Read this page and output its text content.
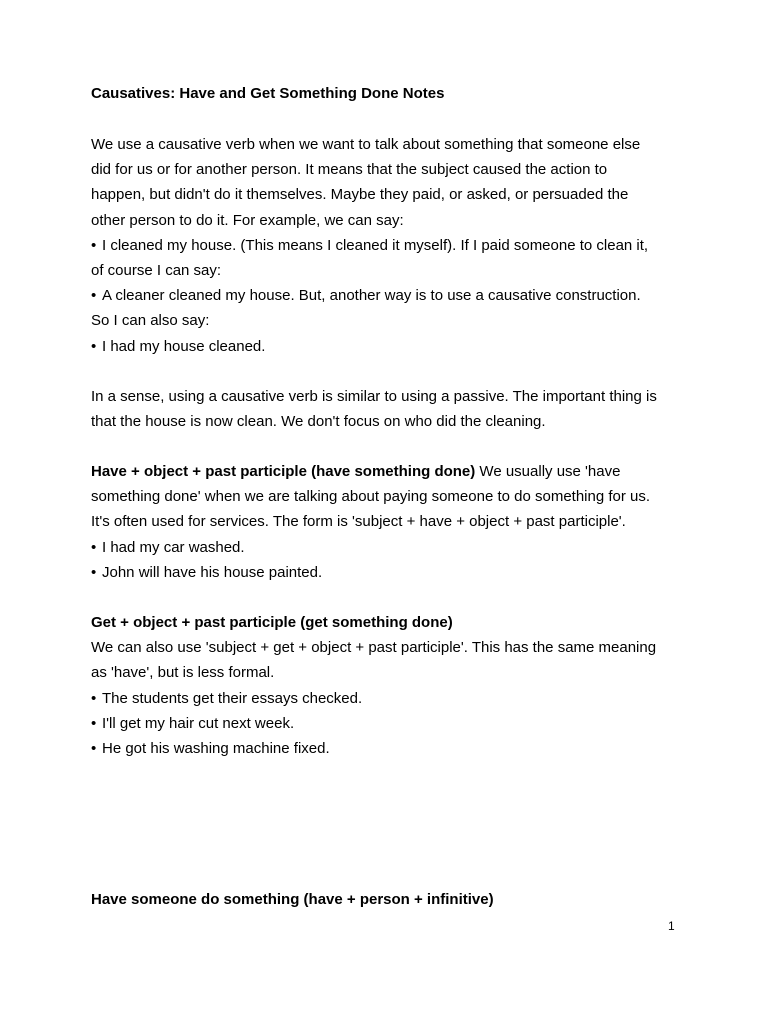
Causatives: Have and Get Something Done Notes
We use a causative verb when we want to talk about something that someone else
did for us or for another person. It means that the subject caused the action to
happen, but didn't do it themselves. Maybe they paid, or asked, or persuaded the
other person to do it. For example, we can say:
• I cleaned my house. (This means I cleaned it myself). If I paid someone to clean it,
of course I can say:
• A cleaner cleaned my house. But, another way is to use a causative construction.
So I can also say:
• I had my house cleaned.
In a sense, using a causative verb is similar to using a passive. The important thing is
that the house is now clean. We don't focus on who did the cleaning.
Have + object + past participle (have something done) We usually use 'have
something done' when we are talking about paying someone to do something for us.
It's often used for services. The form is 'subject + have + object + past participle'.
• I had my car washed.
• John will have his house painted.
Get + object + past participle (get something done)
We can also use 'subject + get + object + past participle'. This has the same meaning
as 'have', but is less formal.
• The students get their essays checked.
• I'll get my hair cut next week.
• He got his washing machine fixed.
Have someone do something (have + person + infinitive)
1
